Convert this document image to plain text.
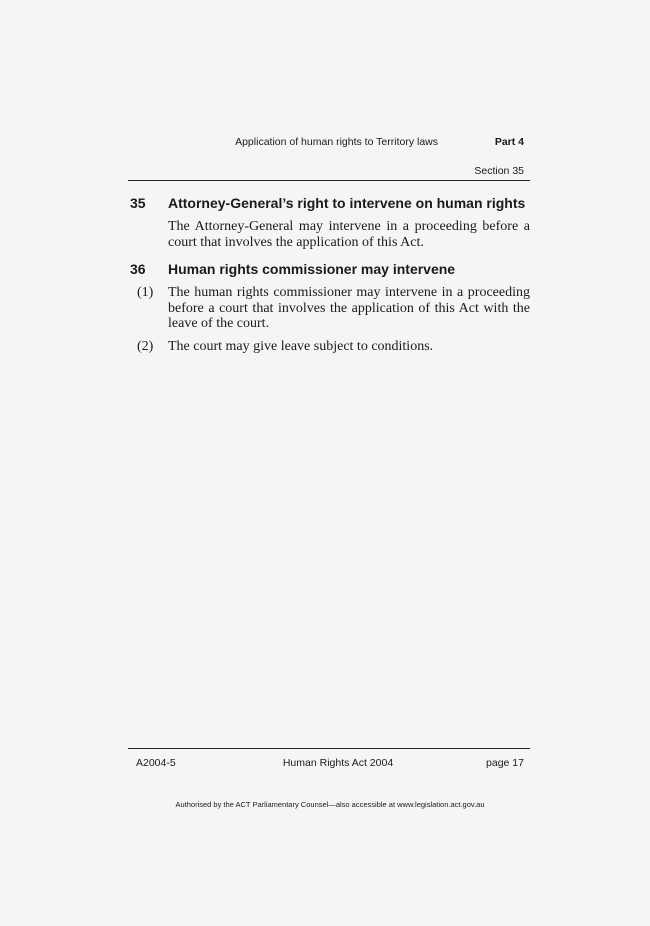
Application of human rights to Territory laws	Part 4
Section 35
35 Attorney-General’s right to intervene on human rights
The Attorney-General may intervene in a proceeding before a court that involves the application of this Act.
36 Human rights commissioner may intervene
(1) The human rights commissioner may intervene in a proceeding before a court that involves the application of this Act with the leave of the court.
(2) The court may give leave subject to conditions.
A2004-5	Human Rights Act 2004	page 17
Authorised by the ACT Parliamentary Counsel—also accessible at www.legislation.act.gov.au
